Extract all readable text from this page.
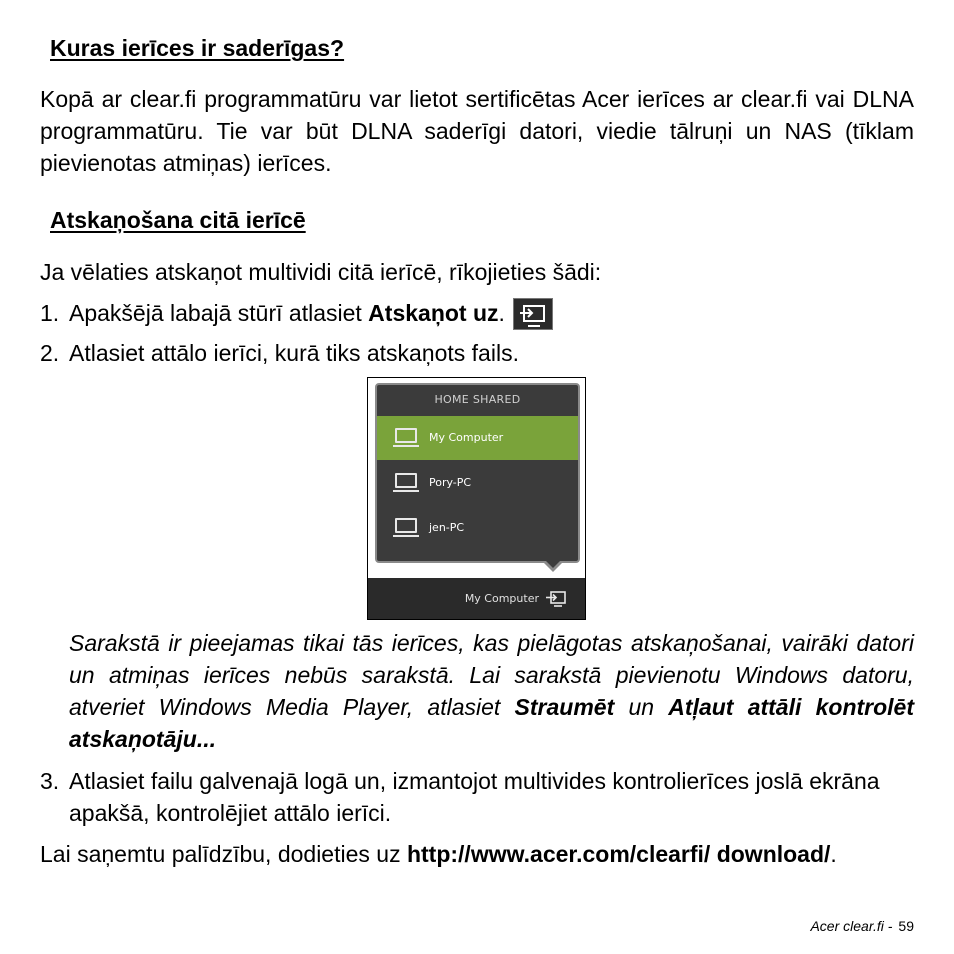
Kuras ierīces ir saderīgas?

Kopā ar clear.fi programmatūru var lietot sertificētas Acer ierīces ar clear.fi vai DLNA programmatūru. Tie var būt DLNA saderīgi datori, viedie tālruņi un NAS (tīklam pievienotas atmiņas) ierīces.

Atskaņošana citā ierīcē

Ja vēlaties atskaņot multividi citā ierīcē, rīkojieties šādi:

1. Apakšējā labajā stūrī atlasiet Atskaņot uz.
2. Atlasiet attālo ierīci, kurā tiks atskaņots fails.
HOME SHARED
My Computer
Pory-PC
jen-PC
My Computer

Sarakstā ir pieejamas tikai tās ierīces, kas pielāgotas atskaņošanai, vairāki datori un atmiņas ierīces nebūs sarakstā. Lai sarakstā pievienotu Windows datoru, atveriet Windows Media Player, atlasiet Straumēt un Atļaut attāli kontrolēt atskaņotāju...

3. Atlasiet failu galvenajā logā un, izmantojot multivides kontrolierīces joslā ekrāna apakšā, kontrolējiet attālo ierīci.

Lai saņemtu palīdzību, dodieties uz http://www.acer.com/clearfi/ download/.

Acer clear.fi - 59
